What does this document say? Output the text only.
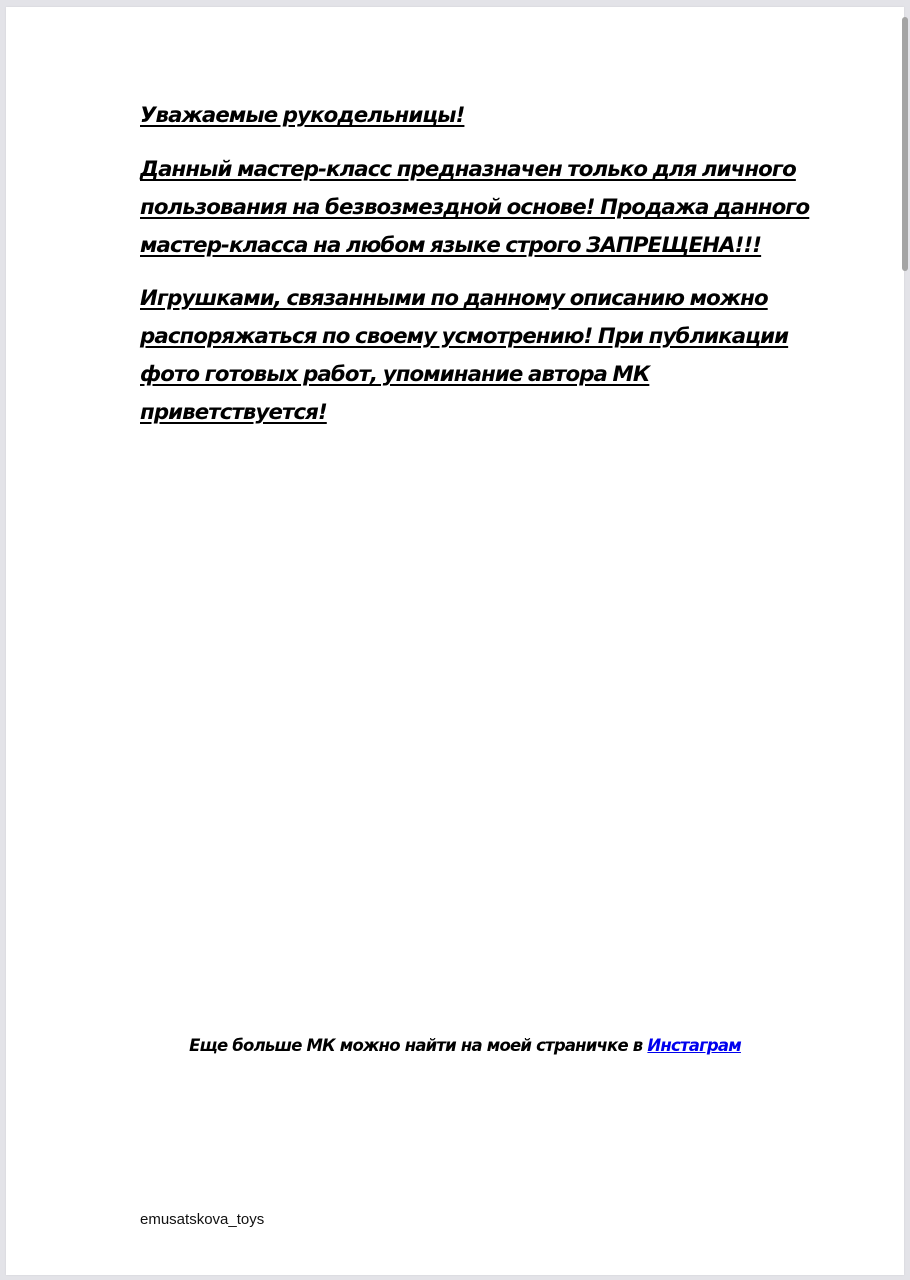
Уважаемые рукодельницы!

Данный мастер-класс предназначен только для личного пользования на безвозмездной основе! Продажа данного мастер-класса на любом языке строго ЗАПРЕЩЕНА!!!

Игрушками, связанными по данному описанию можно распоряжаться по своему усмотрению! При публикации фото готовых работ, упоминание автора МК приветствуется!

Еще больше МК можно найти на моей страничке в Инстаграм
emusatskova_toys
